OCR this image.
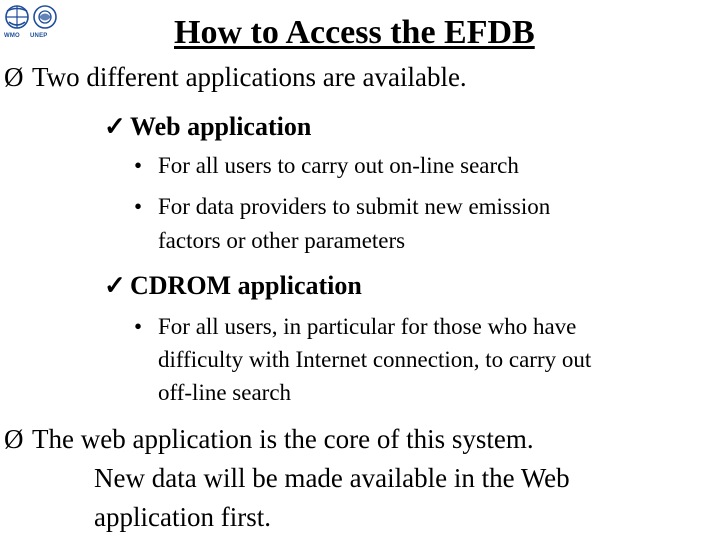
WMO UNEP	How to Access the EFDB
Ø Two different applications are available.
✓ Web application
• For all users to carry out on-line search
• For data providers to submit new emission
factors or other parameters
✓ CDROM application
• For all users, in particular for those who have
difficulty with Internet connection, to carry out
off-line search
Ø The web application is the core of this system.
New data will be made available in the Web
application first.
